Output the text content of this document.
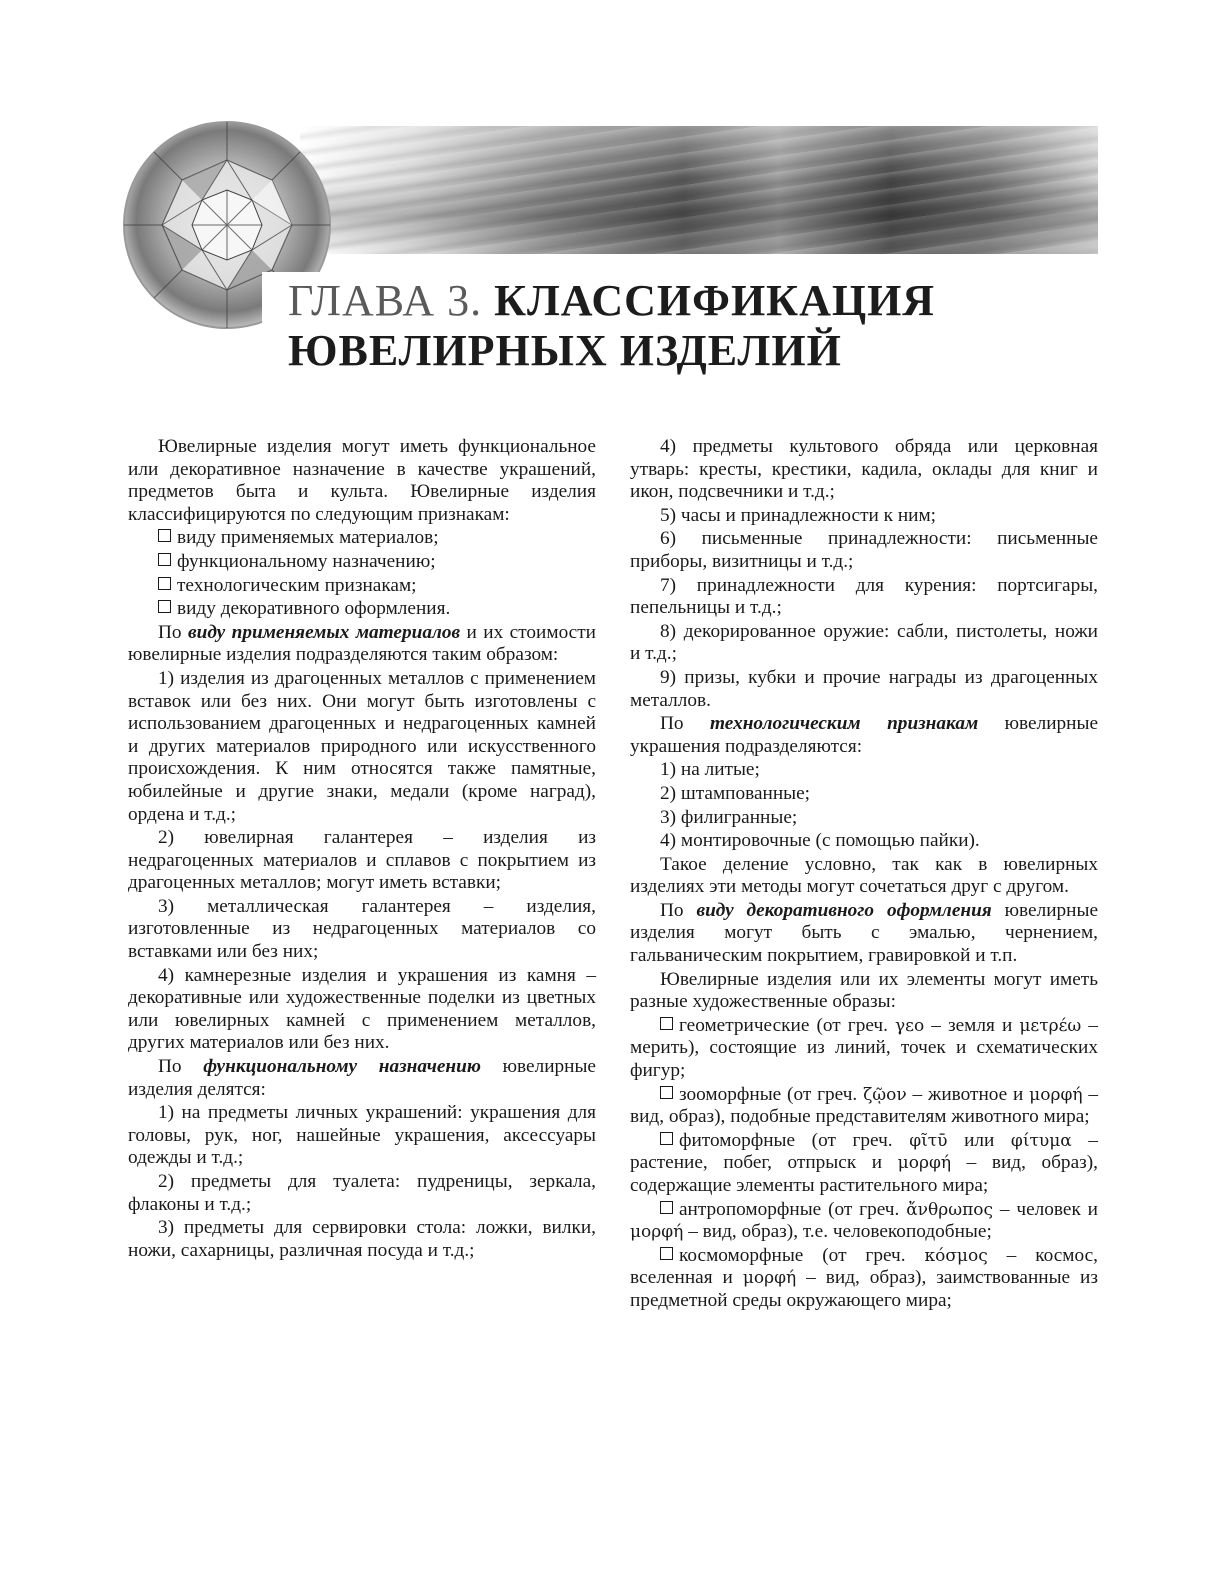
ГЛАВА 3. КЛАССИФИКАЦИЯ
ЮВЕЛИРНЫХ ИЗДЕЛИЙ

Ювелирные изделия могут иметь функциональное или декоративное назначение в качестве украшений, предметов быта и культа. Ювелирные изделия классифицируются по следующим признакам:

виду применяемых материалов;

функциональному назначению;

технологическим признакам;

виду декоративного оформления.

По виду применяемых материалов и их стоимости ювелирные изделия подразделяются таким образом:

1) изделия из драгоценных металлов с применением вставок или без них. Они могут быть изготовлены с использованием драгоценных и недрагоценных камней и других материалов природного или искусственного происхождения. К ним относятся также памятные, юбилейные и другие знаки, медали (кроме наград), ордена и т.д.;

2) ювелирная галантерея – изделия из недрагоценных материалов и сплавов с покрытием из драгоценных металлов; могут иметь вставки;

3) металлическая галантерея – изделия, изготовленные из недрагоценных материалов со вставками или без них;

4) камнерезные изделия и украшения из камня – декоративные или художественные поделки из цветных или ювелирных камней с применением металлов, других материалов или без них.

По функциональному назначению ювелирные изделия делятся:

1) на предметы личных украшений: украшения для головы, рук, ног, нашейные украшения, аксессуары одежды и т.д.;

2) предметы для туалета: пудреницы, зеркала, флаконы и т.д.;

3) предметы для сервировки стола: ложки, вилки, ножи, сахарницы, различная посуда и т.д.;

4) предметы культового обряда или церковная утварь: кресты, крестики, кадила, оклады для книг и икон, подсвечники и т.д.;

5) часы и принадлежности к ним;

6) письменные принадлежности: письменные приборы, визитницы и т.д.;

7) принадлежности для курения: портсигары, пепельницы и т.д.;

8) декорированное оружие: сабли, пистолеты, ножи и т.д.;

9) призы, кубки и прочие награды из драгоценных металлов.

По технологическим признакам ювелирные украшения подразделяются:

1) на литые;

2) штампованные;

3) филигранные;

4) монтировочные (с помощью пайки).

Такое деление условно, так как в ювелирных изделиях эти методы могут сочетаться друг с другом.

По виду декоративного оформления ювелирные изделия могут быть с эмалью, чернением, гальваническим покрытием, гравировкой и т.п.

Ювелирные изделия или их элементы могут иметь разные художественные образы:

геометрические (от греч. γεο – земля и μετρέω – мерить), состоящие из линий, точек и схематических фигур;

зооморфные (от греч. ζῷον – животное и μορφή – вид, образ), подобные представителям животного мира;

фитоморфные (от греч. φῖτῡ или φίτυμα – растение, побег, отпрыск и μορφή – вид, образ), содержащие элементы растительного мира;

антропоморфные (от греч. ἄνθρωπος – человек и μορφή – вид, образ), т.е. человекоподобные;

космоморфные (от греч. κόσμος – космос, вселенная и μορφή – вид, образ), заимствованные из предметной среды окружающего мира;
